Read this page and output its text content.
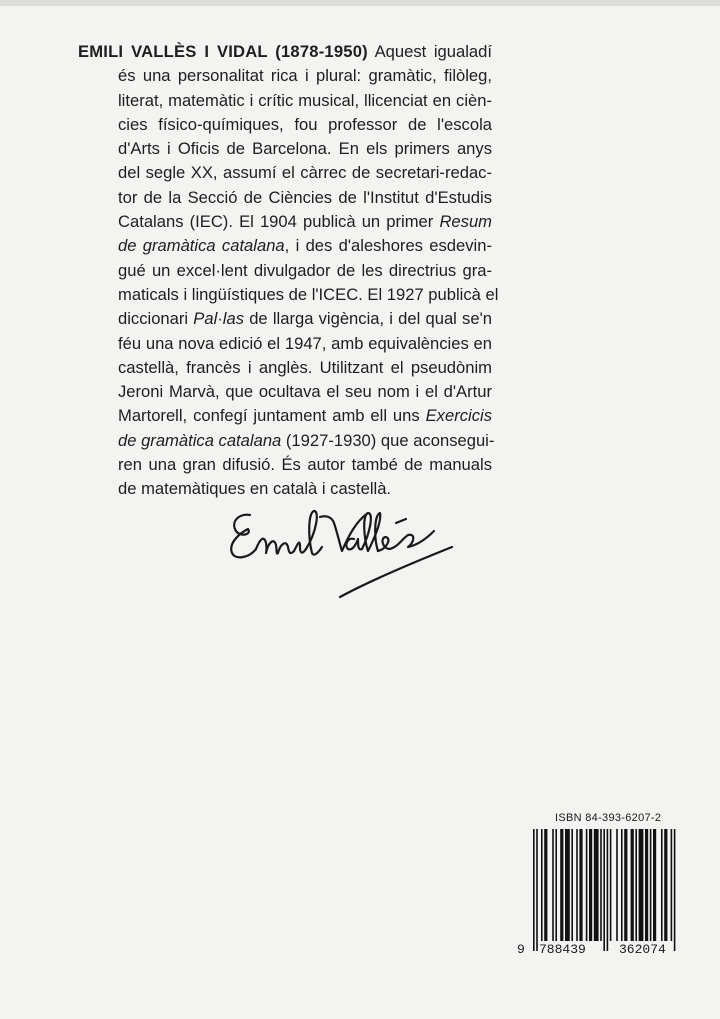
EMILI VALLÈS I VIDAL (1878-1950) Aquest igualadí
és una personalitat rica i plural: gramàtic, filòleg,
literat, matemàtic i crític musical, llicenciat en cièn-
cies físico-químiques, fou professor de l'escola
d'Arts i Oficis de Barcelona. En els primers anys
del segle XX, assumí el càrrec de secretari-redac-
tor de la Secció de Ciències de l'Institut d'Estudis
Catalans (IEC). El 1904 publicà un primer Resum
de gramàtica catalana, i des d'aleshores esdevin-
gué un excel·lent divulgador de les directrius gra-
maticals i lingüístiques de l'ICEC. El 1927 publicà el
diccionari Pal·las de llarga vigència, i del qual se'n
féu una nova edició el 1947, amb equivalències en
castellà, francès i anglès. Utilitzant el pseudònim
Jeroni Marvà, que ocultava el seu nom i el d'Artur
Martorell, confegí juntament amb ell uns Exercicis
de gramàtica catalana (1927-1930) que aconsegui-
ren una gran difusió. És autor també de manuals
de matemàtiques en català i castellà.
ISBN 84-393-6207-2
9 788439	362074
